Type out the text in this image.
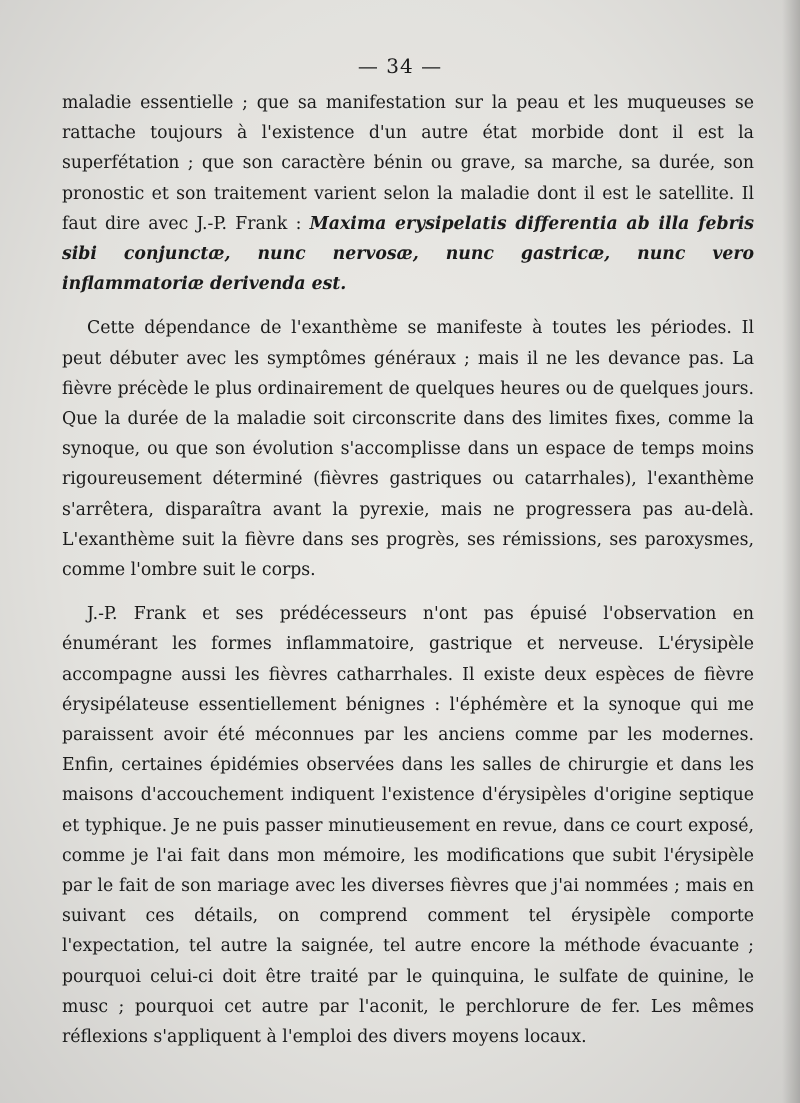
— 34 —

maladie essentielle ; que sa manifestation sur la peau et les muqueuses se rattache toujours à l'existence d'un autre état morbide dont il est la superfétation ; que son caractère bénin ou grave, sa marche, sa durée, son pronostic et son traitement varient selon la maladie dont il est le satellite. Il faut dire avec J.-P. Frank : Maxima erysipelatis differentia ab illa febris sibi conjunctæ, nunc nervosæ, nunc gastricæ, nunc vero inflammatoriæ derivenda est.

Cette dépendance de l'exanthème se manifeste à toutes les périodes. Il peut débuter avec les symptômes généraux ; mais il ne les devance pas. La fièvre précède le plus ordinairement de quelques heures ou de quelques jours. Que la durée de la maladie soit circonscrite dans des limites fixes, comme la synoque, ou que son évolution s'accomplisse dans un espace de temps moins rigoureusement déterminé (fièvres gastriques ou catarrhales), l'exanthème s'arrêtera, disparaîtra avant la pyrexie, mais ne progressera pas au-delà. L'exanthème suit la fièvre dans ses progrès, ses rémissions, ses paroxysmes, comme l'ombre suit le corps.

J.-P. Frank et ses prédécesseurs n'ont pas épuisé l'observation en énumérant les formes inflammatoire, gastrique et nerveuse. L'érysipèle accompagne aussi les fièvres catharrhales. Il existe deux espèces de fièvre érysipélateuse essentiellement bénignes : l'éphémère et la synoque qui me paraissent avoir été méconnues par les anciens comme par les modernes. Enfin, certaines épidémies observées dans les salles de chirurgie et dans les maisons d'accouchement indiquent l'existence d'érysipèles d'origine septique et typhique. Je ne puis passer minutieusement en revue, dans ce court exposé, comme je l'ai fait dans mon mémoire, les modifications que subit l'érysipèle par le fait de son mariage avec les diverses fièvres que j'ai nommées ; mais en suivant ces détails, on comprend comment tel érysipèle comporte l'expectation, tel autre la saignée, tel autre encore la méthode évacuante ; pourquoi celui-ci doit être traité par le quinquina, le sulfate de quinine, le musc ; pourquoi cet autre par l'aconit, le perchlorure de fer. Les mêmes réflexions s'appliquent à l'emploi des divers moyens locaux.
